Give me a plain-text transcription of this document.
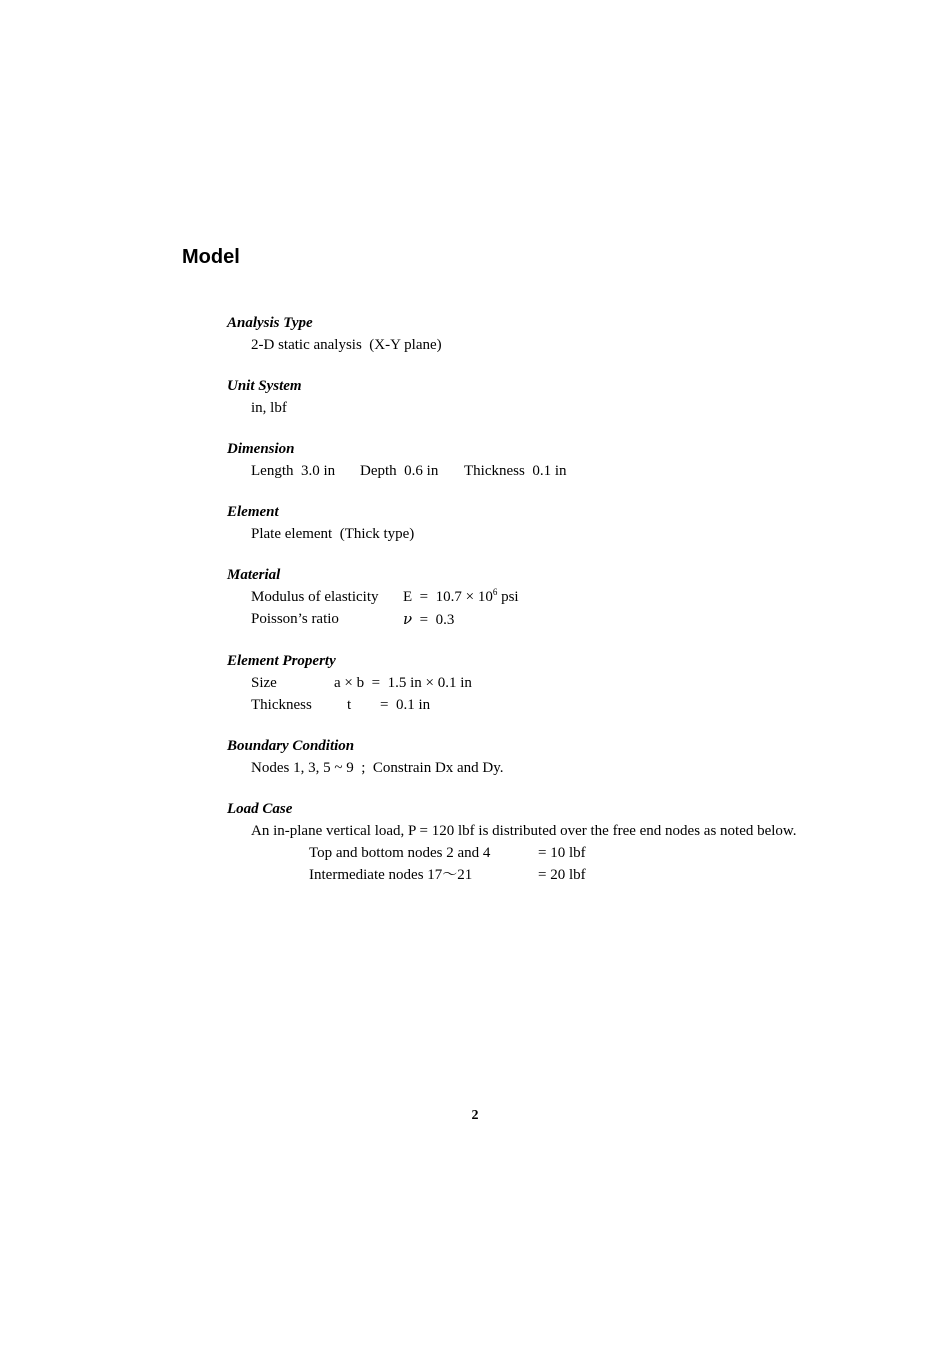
Model
Analysis Type
2-D static analysis  (X-Y plane)
Unit System
in, lbf
Dimension
Length  3.0 in Depth  0.6 in Thickness  0.1 in
Element
Plate element  (Thick type)
Material
Modulus of elasticity $E = 10.7 \times 10^6$ psi
Poisson’s ratio	ν  =  0.3
Element Property
Size	a × b  =  1.5 in × 0.1 in
Thickness t =  0.1 in
Boundary Condition
Nodes 1, 3, 5 ~ 9  ;  Constrain Dx and Dy.
Load Case
An in-plane vertical load, P = 120 lbf is distributed over the free end nodes as noted below.
Top and bottom nodes 2 and 4	= 10 lbf
Intermediate nodes 17～21	= 20 lbf
2
